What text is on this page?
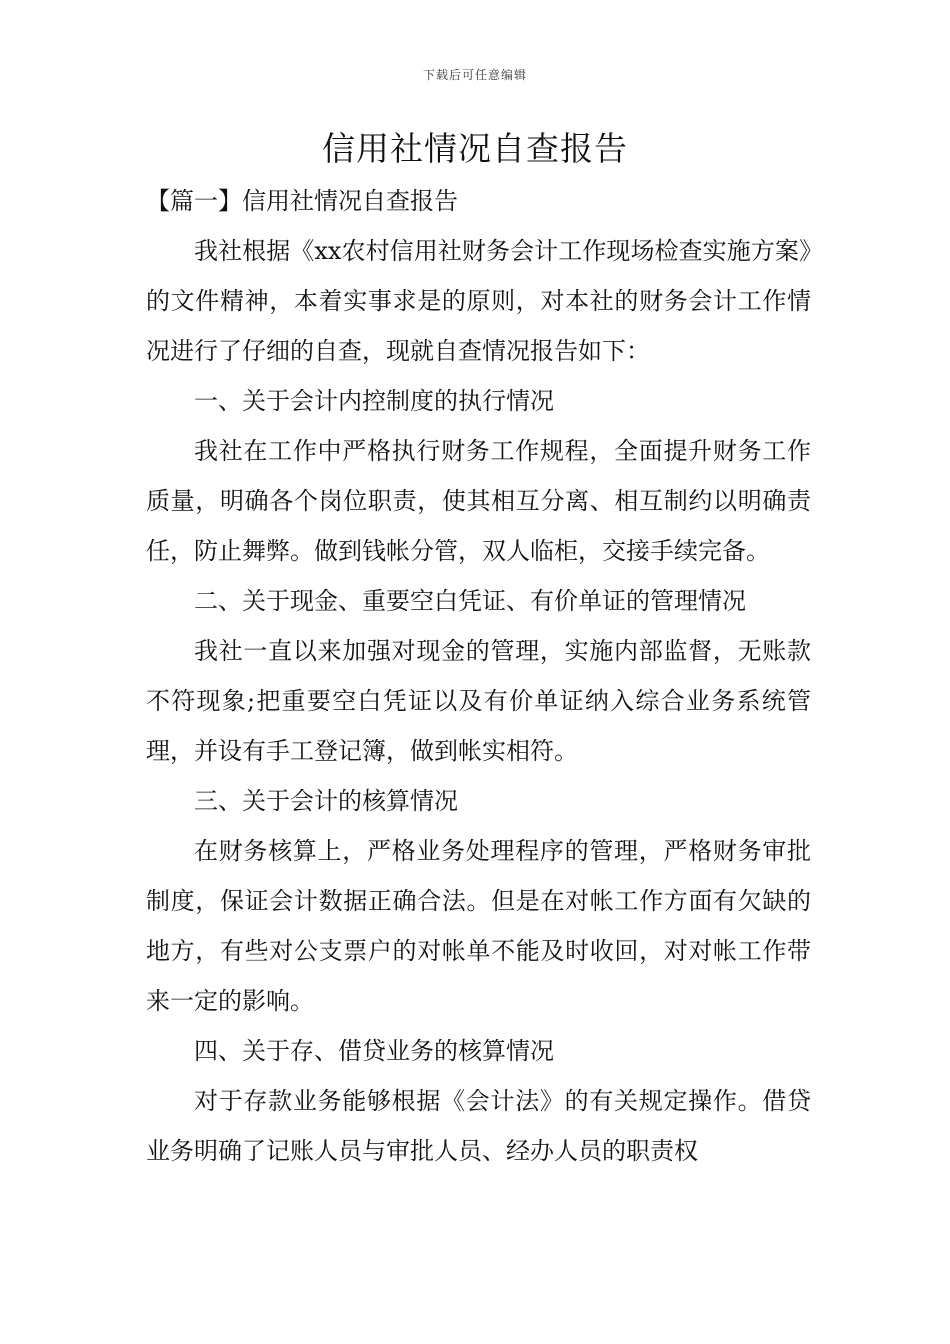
下载后可任意编辑
信用社情况自查报告

【篇一】信用社情况自查报告

我社根据《xx农村信用社财务会计工作现场检查实施方案》的文件精神，本着实事求是的原则，对本社的财务会计工作情况进行了仔细的自查，现就自查情况报告如下：

一、关于会计内控制度的执行情况

我社在工作中严格执行财务工作规程，全面提升财务工作质量，明确各个岗位职责，使其相互分离、相互制约以明确责任，防止舞弊。做到钱帐分管，双人临柜，交接手续完备。

二、关于现金、重要空白凭证、有价单证的管理情况

我社一直以来加强对现金的管理，实施内部监督，无账款不符现象;把重要空白凭证以及有价单证纳入综合业务系统管理，并设有手工登记簿，做到帐实相符。

三、关于会计的核算情况

在财务核算上，严格业务处理程序的管理，严格财务审批制度，保证会计数据正确合法。但是在对帐工作方面有欠缺的地方，有些对公支票户的对帐单不能及时收回，对对帐工作带来一定的影响。

四、关于存、借贷业务的核算情况

对于存款业务能够根据《会计法》的有关规定操作。借贷业务明确了记账人员与审批人员、经办人员的职责权
